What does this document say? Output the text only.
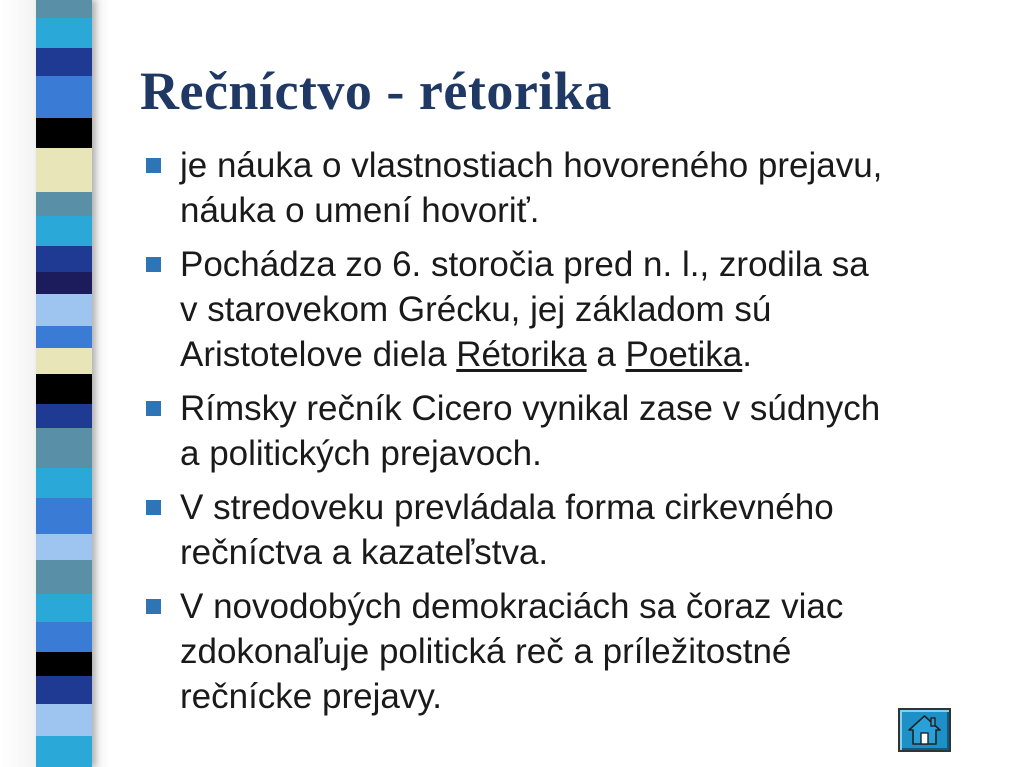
Rečníctvo - rétorika
je náuka o vlastnostiach hovoreného prejavu,
náuka o umení hovoriť.
Pochádza zo 6. storočia pred n. l., zrodila sa
v starovekom Grécku, jej základom sú
Aristotelove diela Rétorika a Poetika.
Rímsky rečník Cicero vynikal zase v súdnych
a politických prejavoch.
V stredoveku prevládala forma cirkevného
rečníctva a kazateľstva.
V novodobých demokraciách sa čoraz viac
zdokonaľuje politická reč a príležitostné
rečnícke prejavy.
